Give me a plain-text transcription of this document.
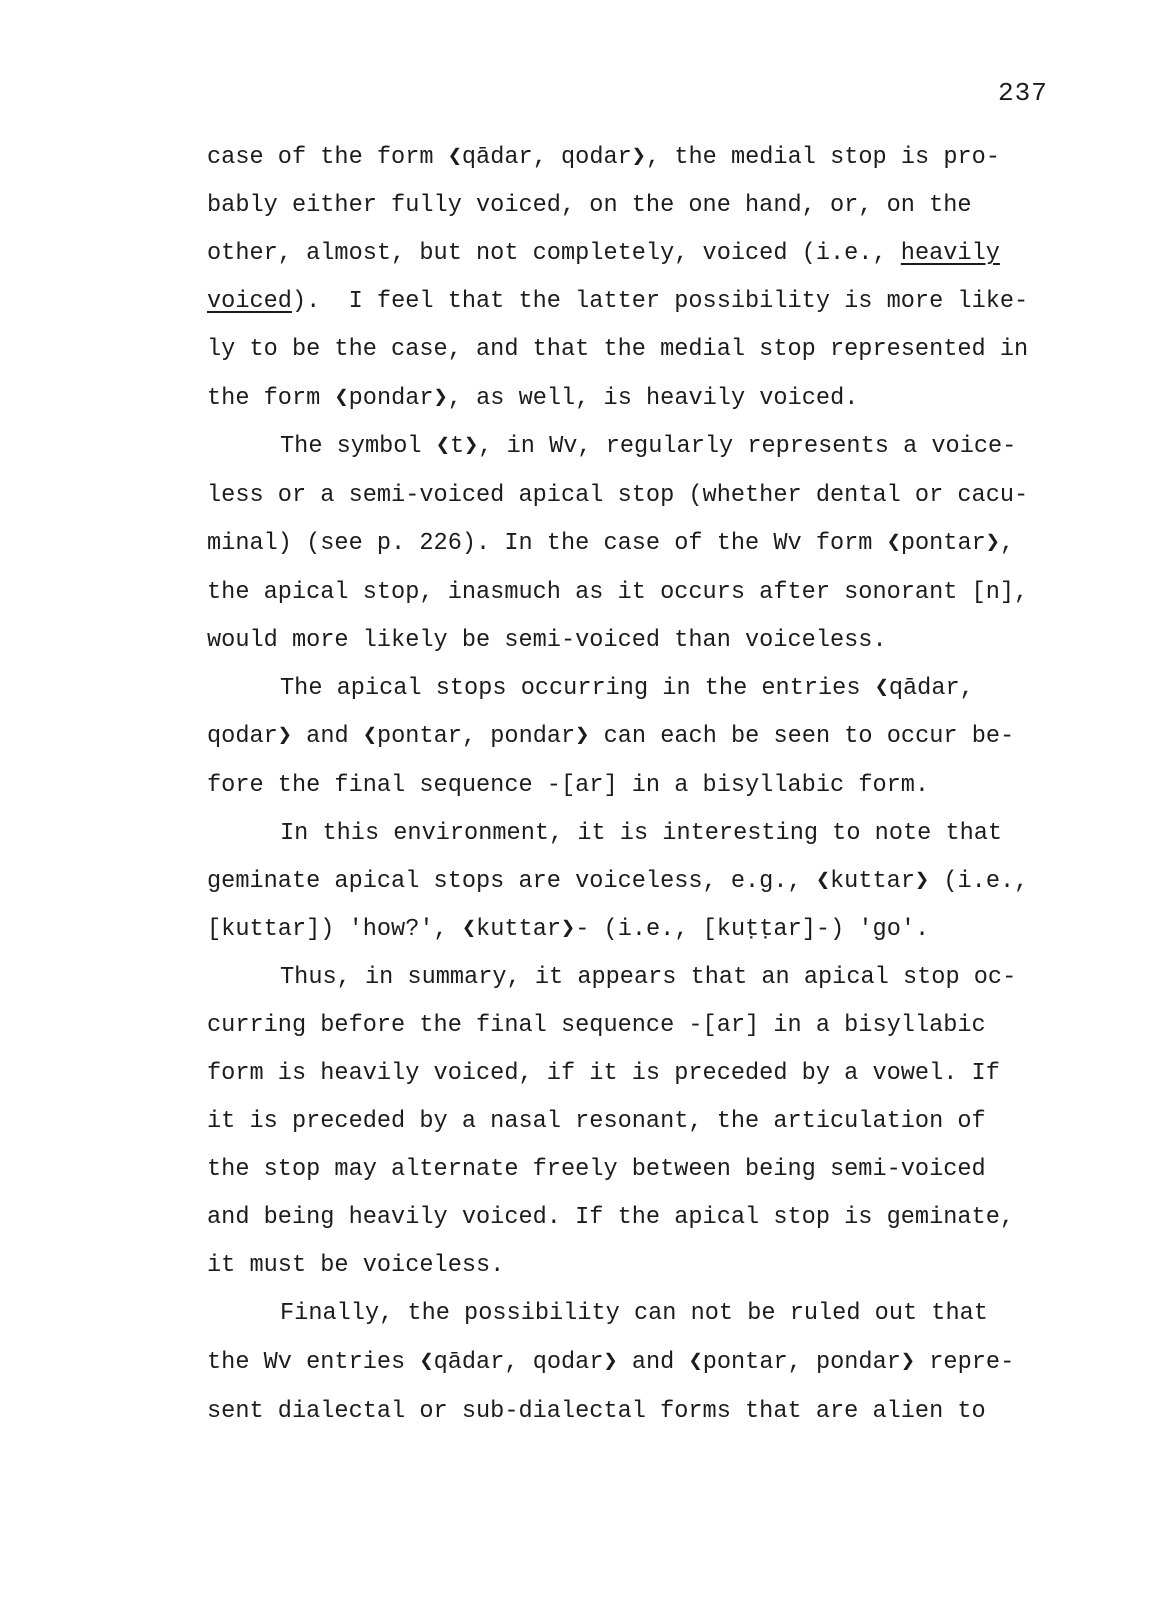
237
case of the form ❮qādar, qodar❯, the medial stop is pro-
bably either fully voiced, on the one hand, or, on the
other, almost, but not completely, voiced (i.e., heavily
voiced).  I feel that the latter possibility is more like-
ly to be the case, and that the medial stop represented in
the form ❮pondar❯, as well, is heavily voiced.
The symbol ❮t❯, in Wv, regularly represents a voice-
less or a semi-voiced apical stop (whether dental or cacu-
minal) (see p. 226). In the case of the Wv form ❮pontar❯,
the apical stop, inasmuch as it occurs after sonorant [n],
would more likely be semi-voiced than voiceless.
The apical stops occurring in the entries ❮qādar,
qodar❯ and ❮pontar, pondar❯ can each be seen to occur be-
fore the final sequence -[ar] in a bisyllabic form.
In this environment, it is interesting to note that
geminate apical stops are voiceless, e.g., ❮kuttar❯ (i.e.,
[kuttar]) 'how?', ❮kuttar❯- (i.e., [kuṭṭar]-) 'go'.
Thus, in summary, it appears that an apical stop oc-
curring before the final sequence -[ar] in a bisyllabic
form is heavily voiced, if it is preceded by a vowel. If
it is preceded by a nasal resonant, the articulation of
the stop may alternate freely between being semi-voiced
and being heavily voiced. If the apical stop is geminate,
it must be voiceless.
Finally, the possibility can not be ruled out that
the Wv entries ❮qādar, qodar❯ and ❮pontar, pondar❯ repre-
sent dialectal or sub-dialectal forms that are alien to
